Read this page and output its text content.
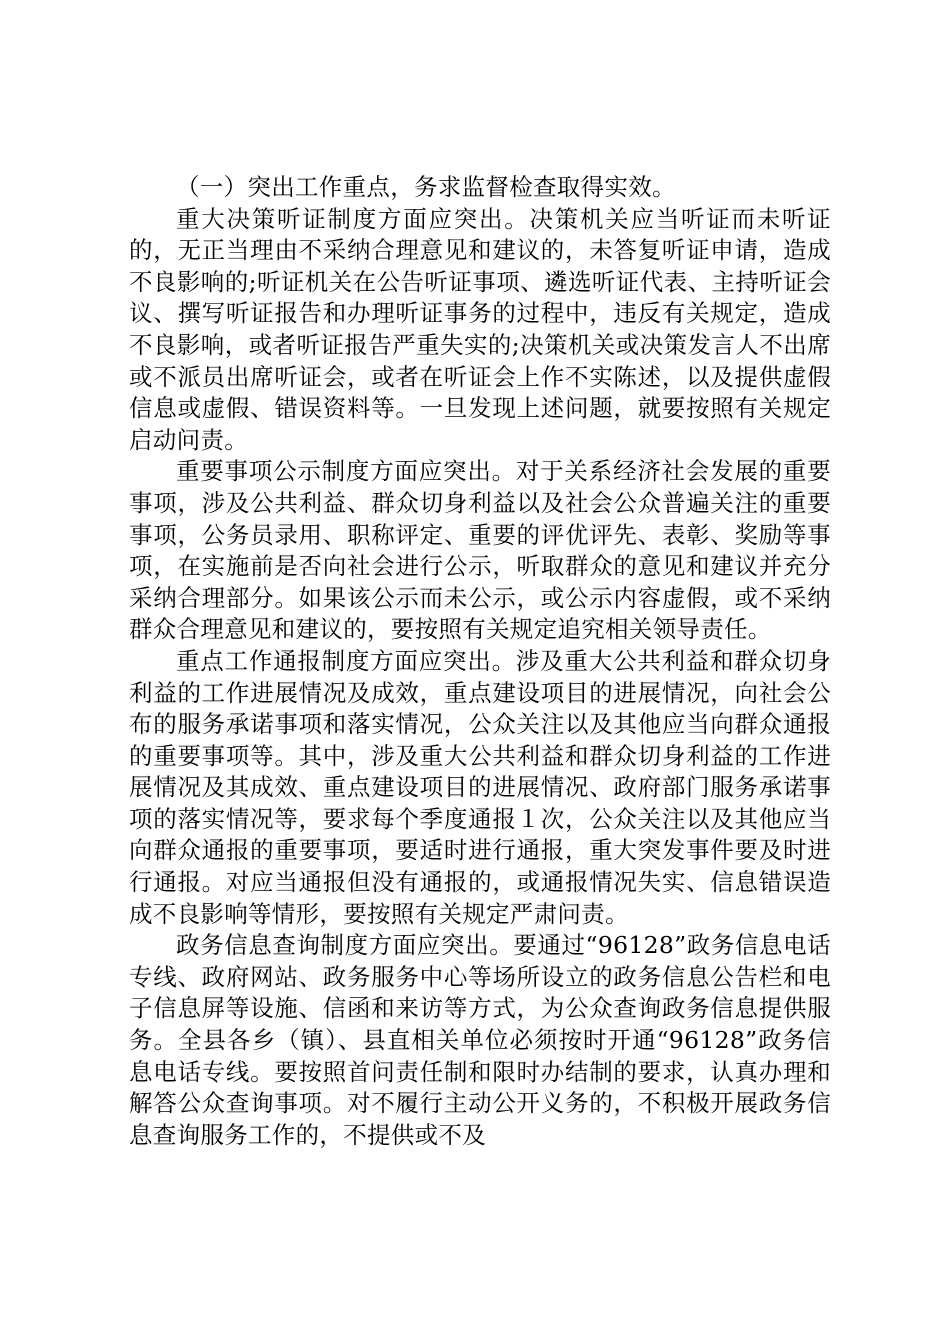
（一）突出工作重点，务求监督检查取得实效。

重大决策听证制度方面应突出。决策机关应当听证而未听证的，无正当理由不采纳合理意见和建议的，未答复听证申请，造成不良影响的;听证机关在公告听证事项、遴选听证代表、主持听证会议、撰写听证报告和办理听证事务的过程中，违反有关规定，造成不良影响，或者听证报告严重失实的;决策机关或决策发言人不出席或不派员出席听证会，或者在听证会上作不实陈述，以及提供虚假信息或虚假、错误资料等。一旦发现上述问题，就要按照有关规定启动问责。

重要事项公示制度方面应突出。对于关系经济社会发展的重要事项，涉及公共利益、群众切身利益以及社会公众普遍关注的重要事项，公务员录用、职称评定、重要的评优评先、表彰、奖励等事项，在实施前是否向社会进行公示，听取群众的意见和建议并充分采纳合理部分。如果该公示而未公示，或公示内容虚假，或不采纳群众合理意见和建议的，要按照有关规定追究相关领导责任。

重点工作通报制度方面应突出。涉及重大公共利益和群众切身利益的工作进展情况及成效，重点建设项目的进展情况，向社会公布的服务承诺事项和落实情况，公众关注以及其他应当向群众通报的重要事项等。其中，涉及重大公共利益和群众切身利益的工作进展情况及其成效、重点建设项目的进展情况、政府部门服务承诺事项的落实情况等，要求每个季度通报１次，公众关注以及其他应当向群众通报的重要事项，要适时进行通报，重大突发事件要及时进行通报。对应当通报但没有通报的，或通报情况失实、信息错误造成不良影响等情形，要按照有关规定严肃问责。

政务信息查询制度方面应突出。要通过“96128”政务信息电话专线、政府网站、政务服务中心等场所设立的政务信息公告栏和电子信息屏等设施、信函和来访等方式，为公众查询政务信息提供服务。全县各乡（镇）、县直相关单位必须按时开通“96128”政务信息电话专线。要按照首问责任制和限时办结制的要求，认真办理和解答公众查询事项。对不履行主动公开义务的，不积极开展政务信息查询服务工作的，不提供或不及
